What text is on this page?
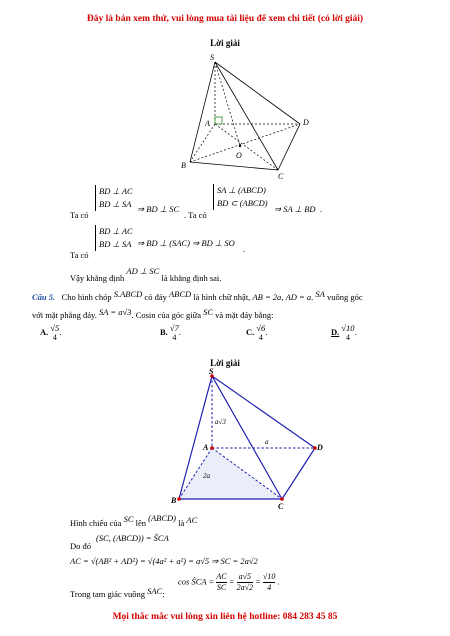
Đây là bản xem thử, vui lòng mua tài liệu để xem chi tiết (có lời giải)
Lời giải
S
A	D
O
B
C
Ta có
BD ⊥ AC
BD ⊥ SA ⇒ BD ⊥ SC
. Ta có
SA ⊥ (ABCD)
BD ⊂ (ABCD)
⇒ SA ⊥ BD .
Ta có
BD ⊥ AC
BD ⊥ SA ⇒ BD ⊥ (SAC) ⇒ BD ⊥ SO
.
Vậy khẳng định AD ⊥ SC là khẳng định sai.
Câu 5. Cho hình chóp S.ABCD có đáy ABCD là hình chữ nhật, AB = 2a, AD = a. SA vuông góc
với mặt phẳng đáy. SA = a√3. Cosin của góc giữa SC và mặt đáy bằng:
A. √5
4
.	B. √7
4
.	C. √6
4
.	D. √10
4
.
Lời giải
S
A	D
B
C
a√3
a
2a
Hình chiếu của SC lên (ABCD) là AC
Do đó
(SC, (ABCD)) = ŜCA
AC = √(AB² + AD²) = √(4a² + a²) = a√5 ⇒ SC = 2a√2
Trong tam giác vuông SAC:
cos ŜCA = $\frac{AC}{SC} = \frac{a√5}{2a√2} = \frac{√10}{4}$ .
Mọi thắc mắc vui lòng xin liên hệ hotline: 084 283 45 85
